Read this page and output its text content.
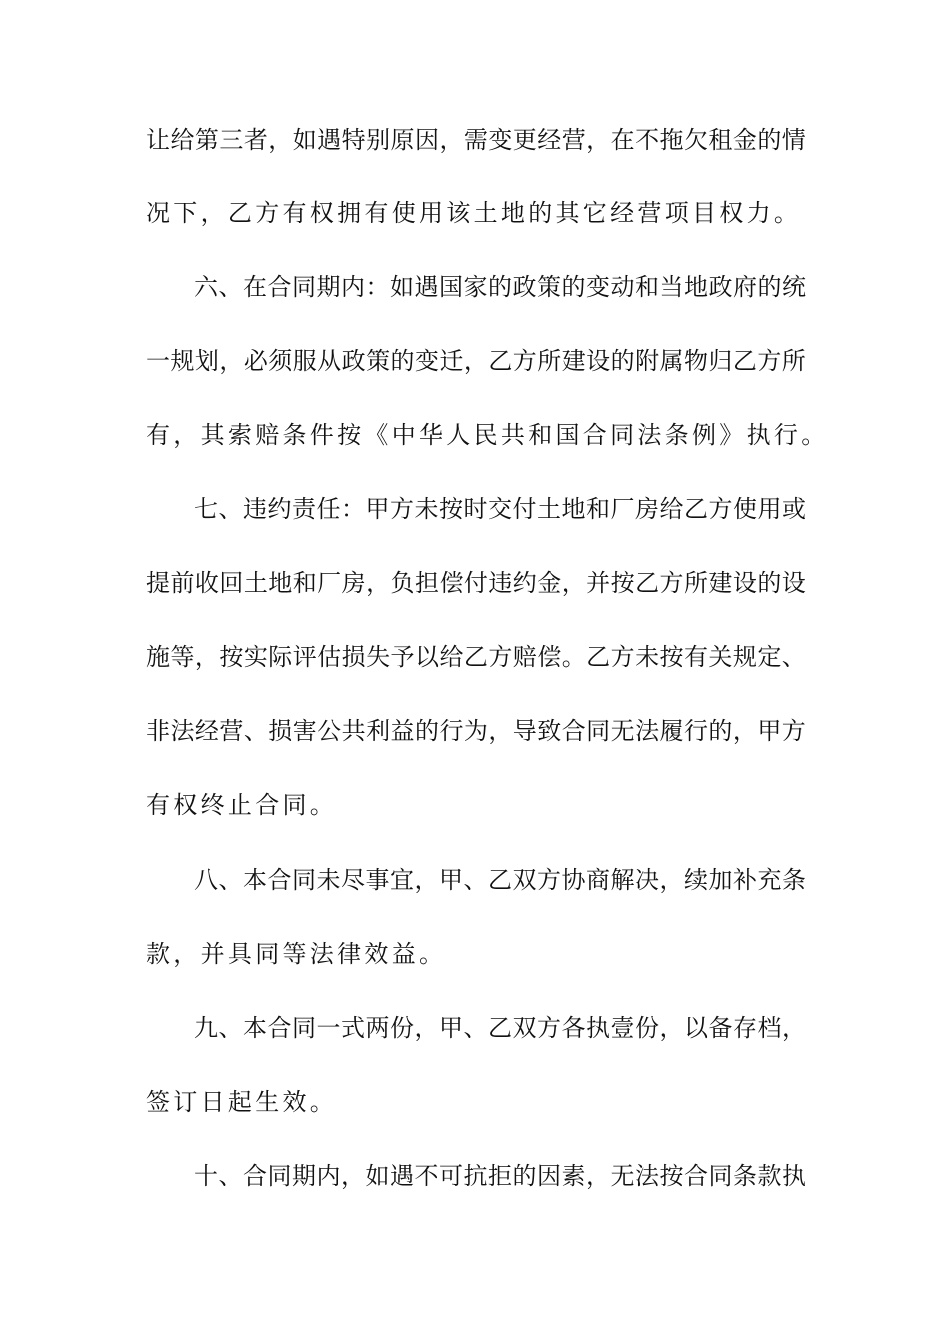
让 给 第 三 者 ， 如 遇 特 别 原 因 ， 需 变 更 经 营 ， 在 不 拖 欠 租 金 的 情
况下，乙方有权拥有使用该土地的其它经营项目权力。
六 、 在 合 同 期 内 ： 如 遇 国 家 的 政 策 的 变 动 和 当 地 政 府 的 统
一 规 划 ， 必 须 服 从 政 策 的 变 迁 ， 乙 方 所 建 设 的 附 属 物 归 乙 方 所
有，其索赔条件按《中华人民共和国合同法条例》执行。
七 、 违 约 责 任 ： 甲 方 未 按 时 交 付 土 地 和 厂 房 给 乙 方 使 用 或
提 前 收 回 土 地 和 厂 房 ， 负 担 偿 付 违 约 金 ， 并 按 乙 方 所 建 设 的 设
施 等 ， 按 实 际 评 估 损 失 予 以 给 乙 方 赔 偿 。 乙 方 未 按 有 关 规 定 、
非 法 经 营 、 损 害 公 共 利 益 的 行 为 ， 导 致 合 同 无 法 履 行 的 ， 甲 方
有权终止合同。
八 、 本 合 同 未 尽 事 宜 ， 甲 、 乙 双 方 协 商 解 决 ， 续 加 补 充 条
款，并具同等法律效益。
九 、 本 合 同 一 式 两 份 ， 甲 、 乙 双 方 各 执 壹 份 ， 以 备 存 档 ，
签订日起生效。
十 、 合 同 期 内 ， 如 遇 不 可 抗 拒 的 因 素 ， 无 法 按 合 同 条 款 执
